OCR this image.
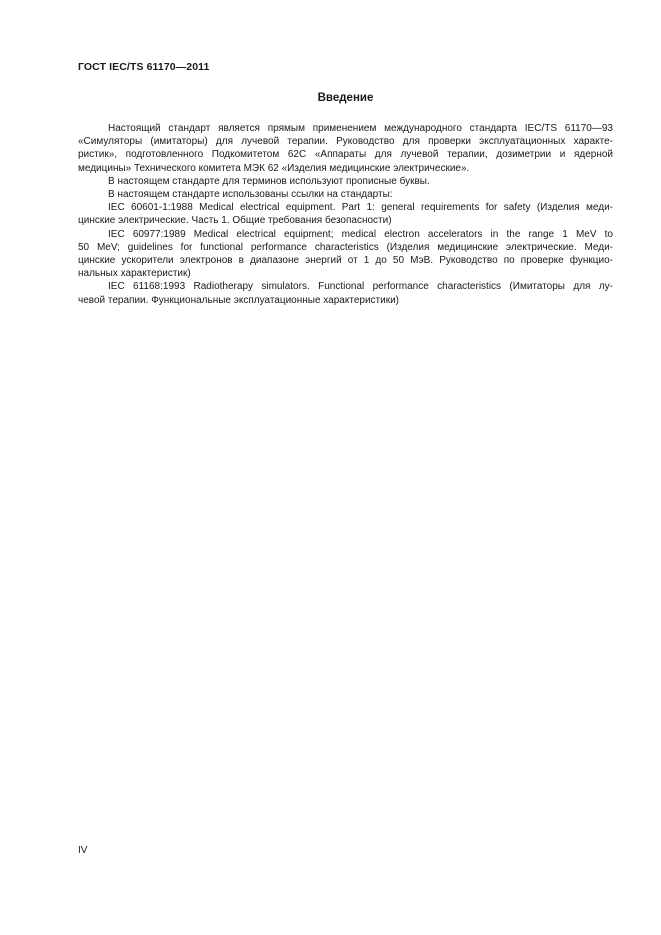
ГОСТ IEC/TS 61170—2011
Введение
Настоящий стандарт является прямым применением международного стандарта IEC/TS 61170—93
«Симуляторы (имитаторы) для лучевой терапии. Руководство для проверки эксплуатационных характе-
ристик», подготовленного Подкомитетом 62С «Аппараты для лучевой терапии, дозиметрии и ядерной
медицины» Технического комитета МЭК 62 «Изделия медицинские электрические».
В настоящем стандарте для терминов используют прописные буквы.
В настоящем стандарте использованы ссылки на стандарты:
IEC 60601-1:1988 Medical electrical equipment. Part 1: general requirements for safety (Изделия меди-
цинские электрические. Часть 1. Общие требования безопасности)
IEC 60977:1989 Medical electrical equipment; medical electron accelerators in the range 1 MeV to
50 MeV; guidelines for functional performance characteristics (Изделия медицинские электрические. Меди-
цинские ускорители электронов в диапазоне энергий от 1 до 50 МэВ. Руководство по проверке функцио-
нальных характеристик)
IEC 61168:1993 Radiotherapy simulators. Functional performance characteristics (Имитаторы для лу-
чевой терапии. Функциональные эксплуатационные характеристики)
IV
